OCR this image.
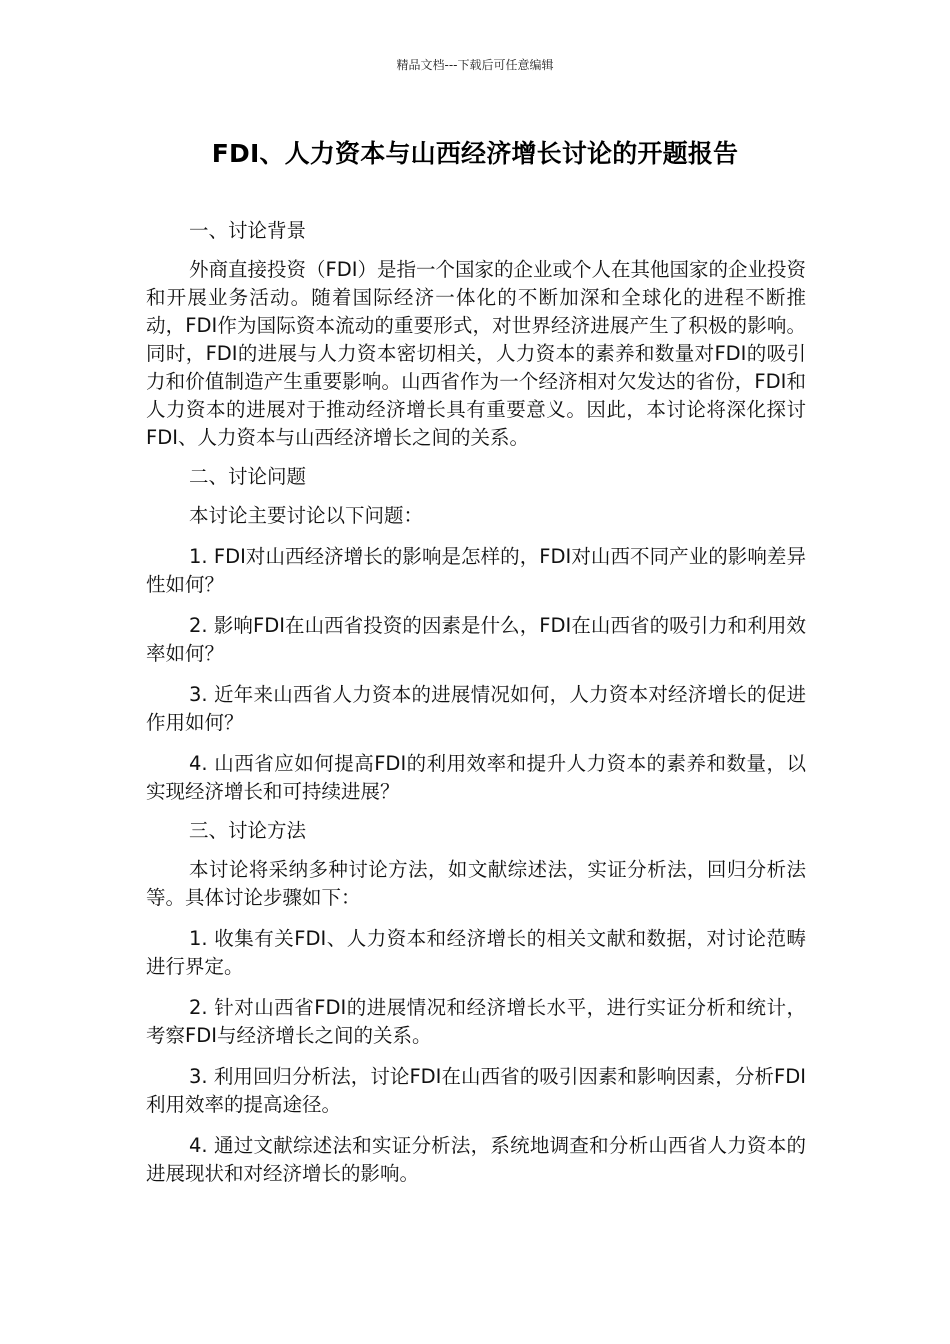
精品文档---下载后可任意编辑
FDI、人力资本与山西经济增长讨论的开题报告

一、讨论背景

外商直接投资（FDI）是指一个国家的企业或个人在其他国家的企业投资和开展业务活动。随着国际经济一体化的不断加深和全球化的进程不断推动，FDI作为国际资本流动的重要形式，对世界经济进展产生了积极的影响。同时，FDI的进展与人力资本密切相关，人力资本的素养和数量对FDI的吸引力和价值制造产生重要影响。山西省作为一个经济相对欠发达的省份，FDI和人力资本的进展对于推动经济增长具有重要意义。因此，本讨论将深化探讨FDI、人力资本与山西经济增长之间的关系。

二、讨论问题

本讨论主要讨论以下问题：

1. FDI对山西经济增长的影响是怎样的，FDI对山西不同产业的影响差异性如何？

2. 影响FDI在山西省投资的因素是什么，FDI在山西省的吸引力和利用效率如何？

3. 近年来山西省人力资本的进展情况如何，人力资本对经济增长的促进作用如何？

4. 山西省应如何提高FDI的利用效率和提升人力资本的素养和数量，以实现经济增长和可持续进展？

三、讨论方法

本讨论将采纳多种讨论方法，如文献综述法，实证分析法，回归分析法等。具体讨论步骤如下：

1. 收集有关FDI、人力资本和经济增长的相关文献和数据，对讨论范畴进行界定。

2. 针对山西省FDI的进展情况和经济增长水平，进行实证分析和统计，考察FDI与经济增长之间的关系。

3. 利用回归分析法，讨论FDI在山西省的吸引因素和影响因素，分析FDI利用效率的提高途径。

4. 通过文献综述法和实证分析法，系统地调查和分析山西省人力资本的进展现状和对经济增长的影响。
